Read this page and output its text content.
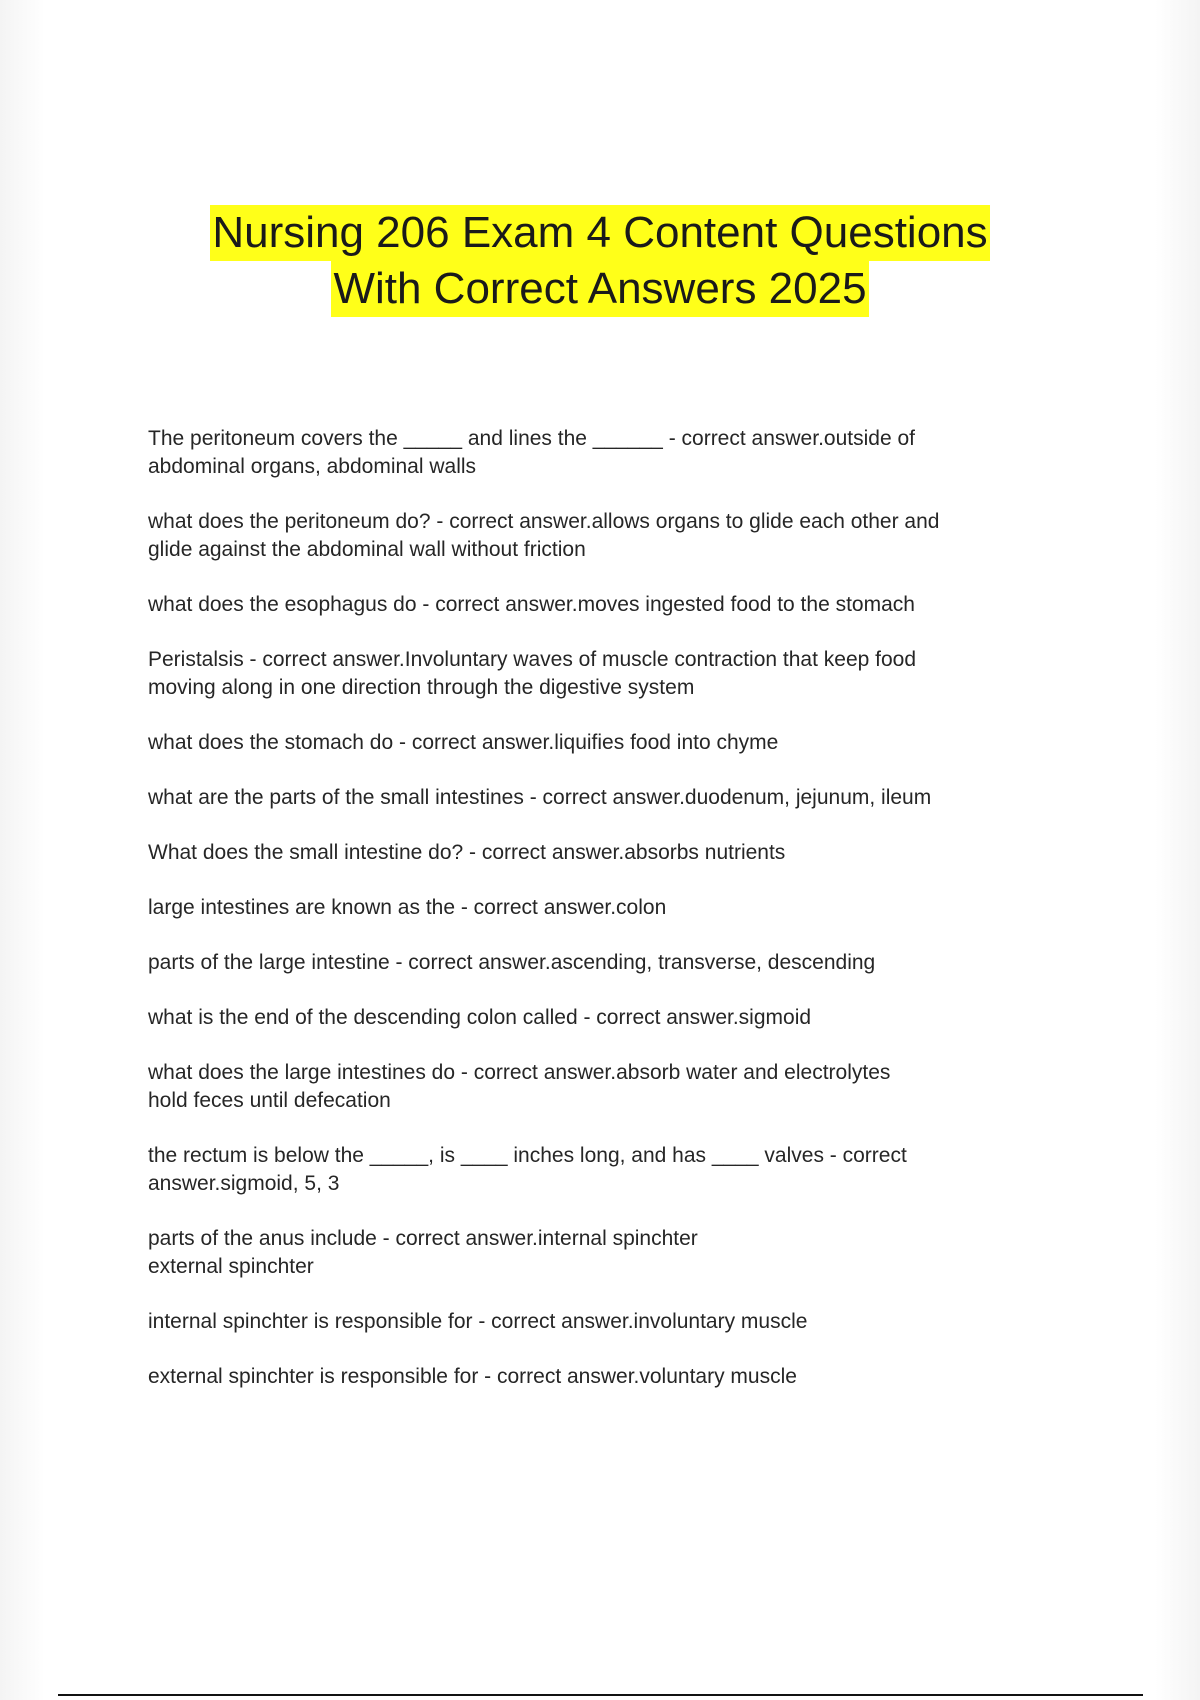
Nursing 206 Exam 4 Content Questions
With Correct Answers 2025

The peritoneum covers the _____ and lines the ______ - correct answer.outside of
abdominal organs, abdominal walls

what does the peritoneum do? - correct answer.allows organs to glide each other and
glide against the abdominal wall without friction

what does the esophagus do - correct answer.moves ingested food to the stomach

Peristalsis - correct answer.Involuntary waves of muscle contraction that keep food
moving along in one direction through the digestive system

what does the stomach do - correct answer.liquifies food into chyme

what are the parts of the small intestines - correct answer.duodenum, jejunum, ileum

What does the small intestine do? - correct answer.absorbs nutrients

large intestines are known as the - correct answer.colon

parts of the large intestine - correct answer.ascending, transverse, descending

what is the end of the descending colon called - correct answer.sigmoid

what does the large intestines do - correct answer.absorb water and electrolytes
hold feces until defecation

the rectum is below the _____, is ____ inches long, and has ____ valves - correct
answer.sigmoid, 5, 3

parts of the anus include - correct answer.internal spinchter
external spinchter

internal spinchter is responsible for - correct answer.involuntary muscle

external spinchter is responsible for - correct answer.voluntary muscle
